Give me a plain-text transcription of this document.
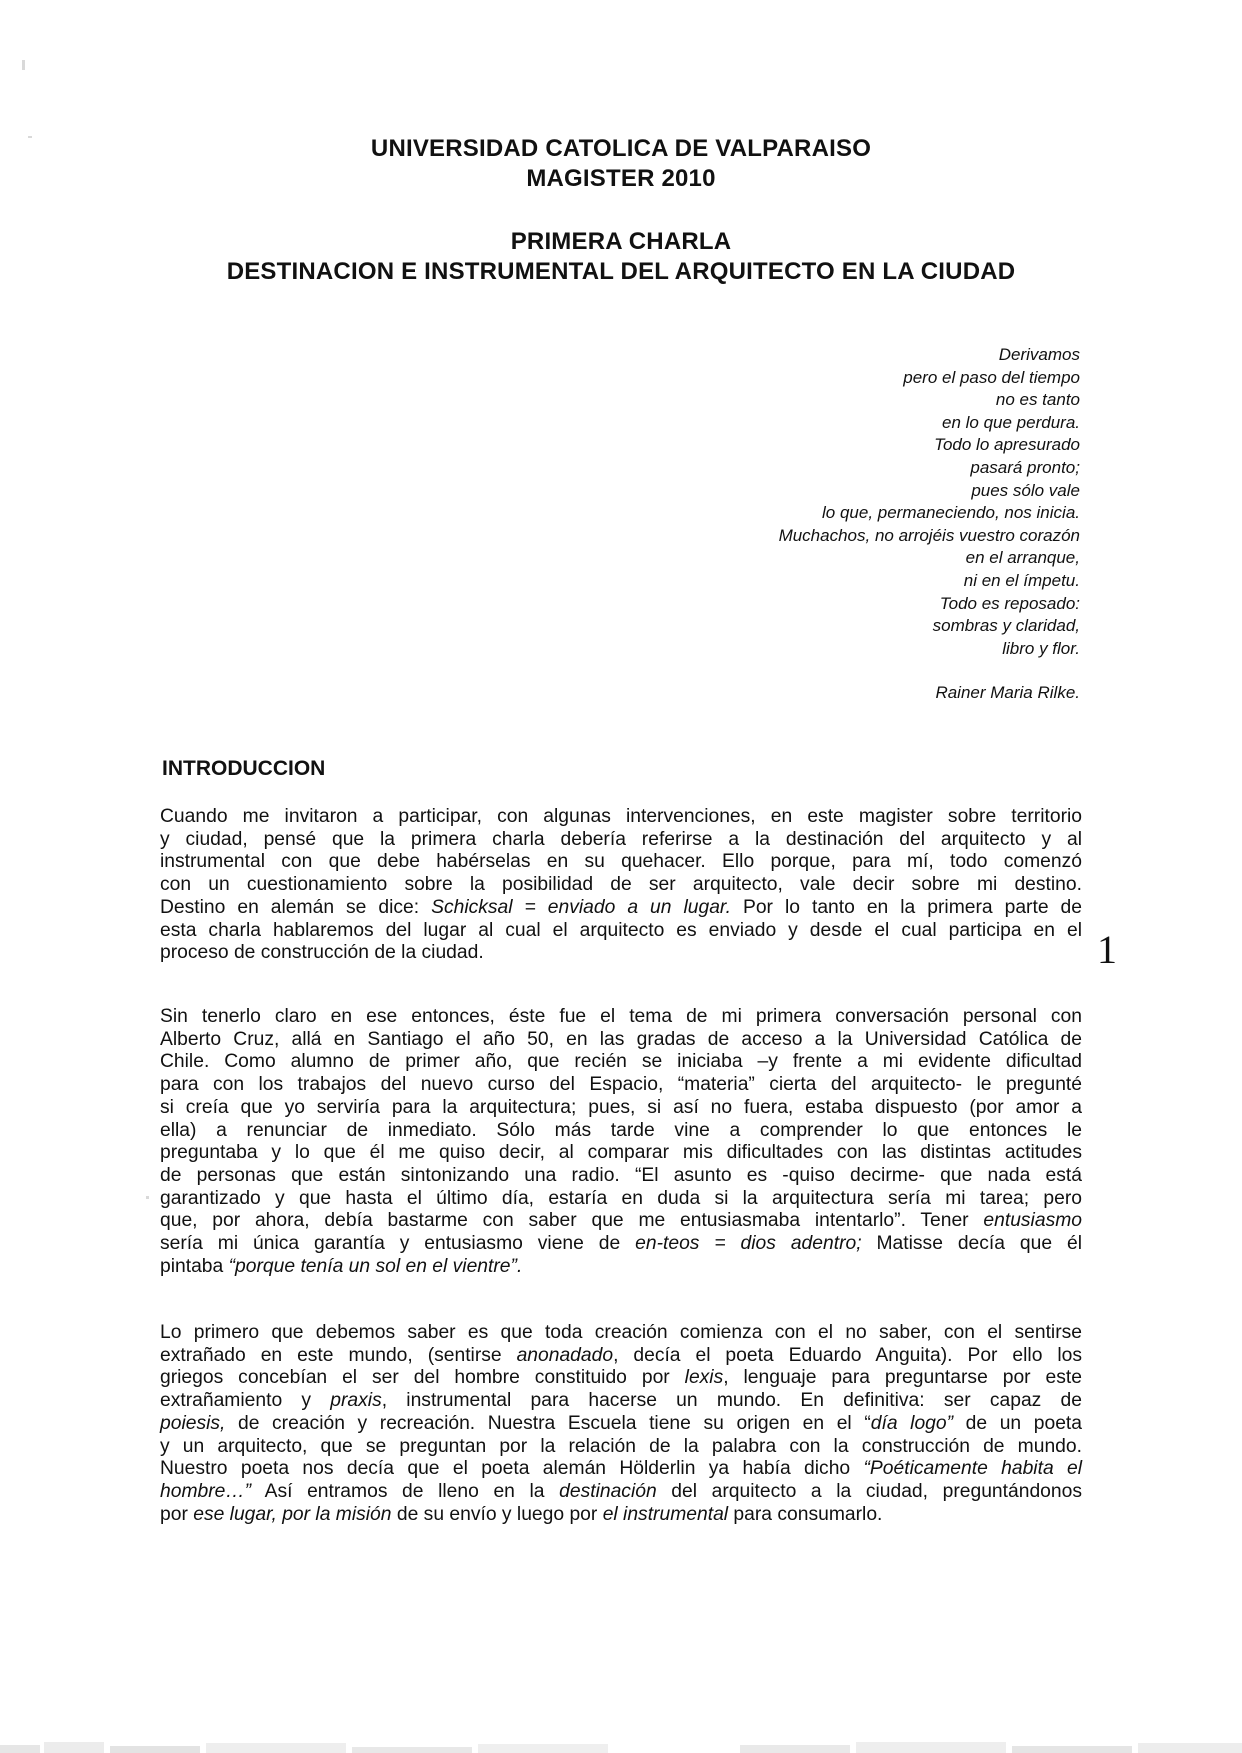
UNIVERSIDAD CATOLICA DE VALPARAISO
MAGISTER 2010
PRIMERA CHARLA
DESTINACION E INSTRUMENTAL DEL ARQUITECTO EN LA CIUDAD
Derivamos
pero el paso del tiempo
no es tanto
en lo que perdura.
Todo lo apresurado
pasará pronto;
pues sólo vale
lo que, permaneciendo, nos inicia.
Muchachos, no arrojéis vuestro corazón
en el arranque,
ni en el ímpetu.
Todo es reposado:
sombras y claridad,
libro y flor.
Rainer Maria Rilke.
INTRODUCCION
Cuando me invitaron a participar, con algunas intervenciones, en este magister sobre territorio
y ciudad, pensé que la primera charla debería referirse a la destinación del arquitecto y al
instrumental con que debe habérselas en su quehacer. Ello porque, para mí, todo comenzó
con un cuestionamiento sobre la posibilidad de ser arquitecto, vale decir sobre mi destino.
Destino en alemán se dice: Schicksal = enviado a un lugar. Por lo tanto en la primera parte de
esta charla hablaremos del lugar al cual el arquitecto es enviado y desde el cual participa en el
proceso de construcción de la ciudad.	1
Sin tenerlo claro en ese entonces, éste fue el tema de mi primera conversación personal con
Alberto Cruz, allá en Santiago el año 50, en las gradas de acceso a la Universidad Católica de
Chile. Como alumno de primer año, que recién se iniciaba –y frente a mi evidente dificultad
para con los trabajos del nuevo curso del Espacio, “materia” cierta del arquitecto- le pregunté
si creía que yo serviría para la arquitectura; pues, si así no fuera, estaba dispuesto (por amor a
ella) a renunciar de inmediato. Sólo más tarde vine a comprender lo que entonces le
preguntaba y lo que él me quiso decir, al comparar mis dificultades con las distintas actitudes
de personas que están sintonizando una radio. “El asunto es -quiso decirme- que nada está
garantizado y que hasta el último día, estaría en duda si la arquitectura sería mi tarea; pero
que, por ahora, debía bastarme con saber que me entusiasmaba intentarlo”. Tener entusiasmo
sería mi única garantía y entusiasmo viene de en-teos = dios adentro; Matisse decía que él
pintaba “porque tenía un sol en el vientre”.
Lo primero que debemos saber es que toda creación comienza con el no saber, con el sentirse
extrañado en este mundo, (sentirse anonadado, decía el poeta Eduardo Anguita). Por ello los
griegos concebían el ser del hombre constituido por lexis, lenguaje para preguntarse por este
extrañamiento y praxis, instrumental para hacerse un mundo. En definitiva: ser capaz de
poiesis, de creación y recreación. Nuestra Escuela tiene su origen en el “día logo” de un poeta
y un arquitecto, que se preguntan por la relación de la palabra con la construcción de mundo.
Nuestro poeta nos decía que el poeta alemán Hölderlin ya había dicho “Poéticamente habita el
hombre…” Así entramos de lleno en la destinación del arquitecto a la ciudad, preguntándonos
por ese lugar, por la misión de su envío y luego por el instrumental para consumarlo.
